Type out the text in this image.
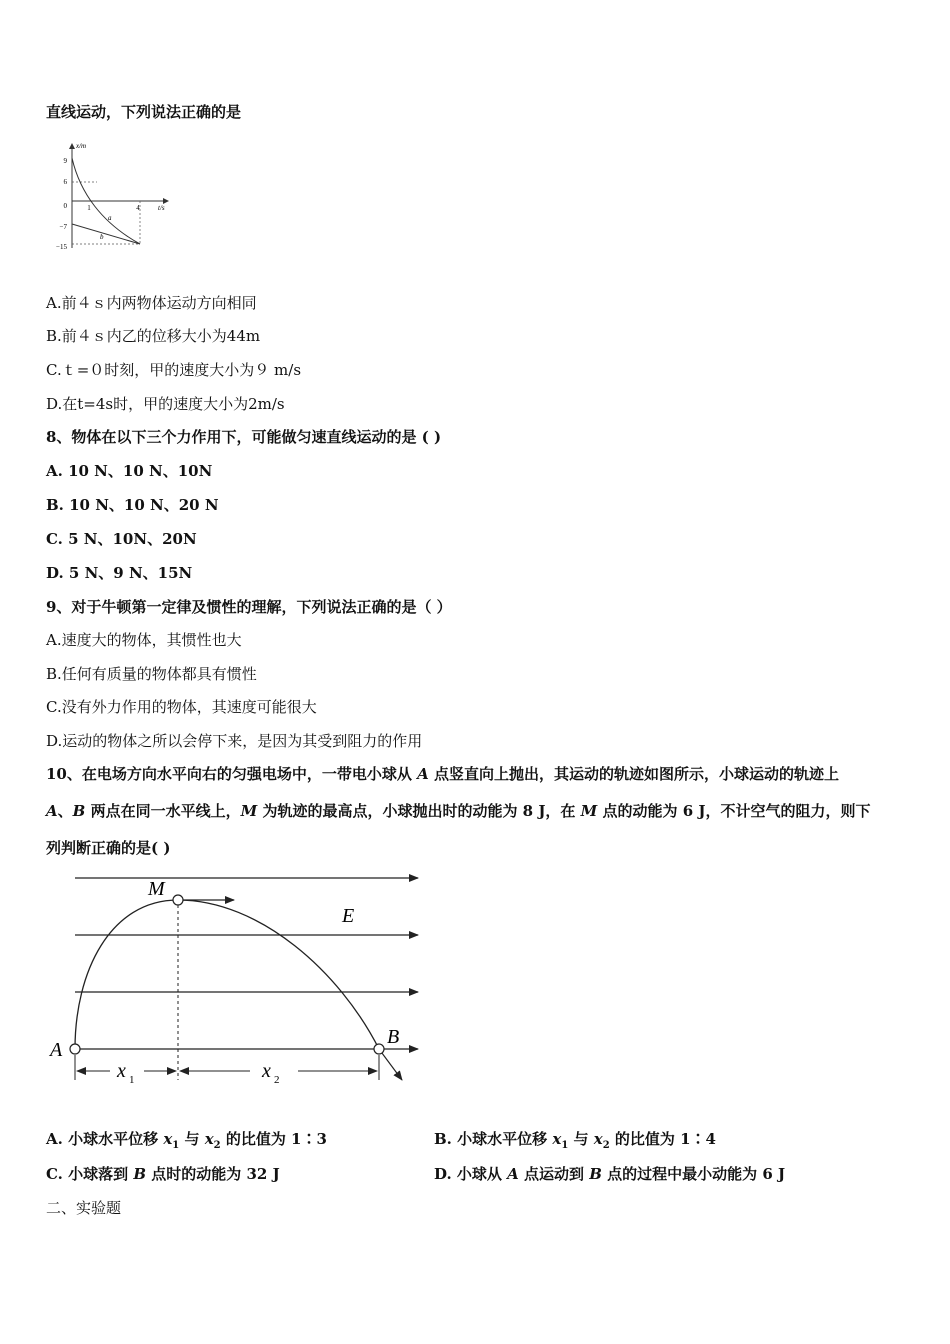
直线运动，下列说法正确的是
x/m
t/s
9
6
0
−7
−15
1	4
a
b
A.前４ｓ内两物体运动方向相同
B.前４ｓ内乙的位移大小为44m
C.ｔ=０时刻，甲的速度大小为９ m/s
D.在t=4s时，甲的速度大小为2m/s
8、物体在以下三个力作用下，可能做匀速直线运动的是 ( )
A. 10 N、10 N、10N
B. 10 N、10 N、20 N
C. 5 N、10N、20N
D. 5 N、9 N、15N
9、对于牛顿第一定律及惯性的理解，下列说法正确的是（ ）
A.速度大的物体，其惯性也大
B.任何有质量的物体都具有惯性
C.没有外力作用的物体，其速度可能很大
D.运动的物体之所以会停下来，是因为其受到阻力的作用
10、在电场方向水平向右的匀强电场中，一带电小球从 A 点竖直向上抛出，其运动的轨迹如图所示，小球运动的轨迹上
A、B 两点在同一水平线上，M 为轨迹的最高点，小球抛出时的动能为 8 J，在 M 点的动能为 6 J，不计空气的阻力，则下
列判断正确的是( )
M
E
A
B
x 1	x 2
A. 小球水平位移 $x_1$ 与 $x_2$ 的比值为 1∶3	B. 小球水平位移 $x_1$ 与 $x_2$ 的比值为 1∶4
C. 小球落到 B 点时的动能为 32 J	D. 小球从 A 点运动到 B 点的过程中最小动能为 6 J
二、实验题
